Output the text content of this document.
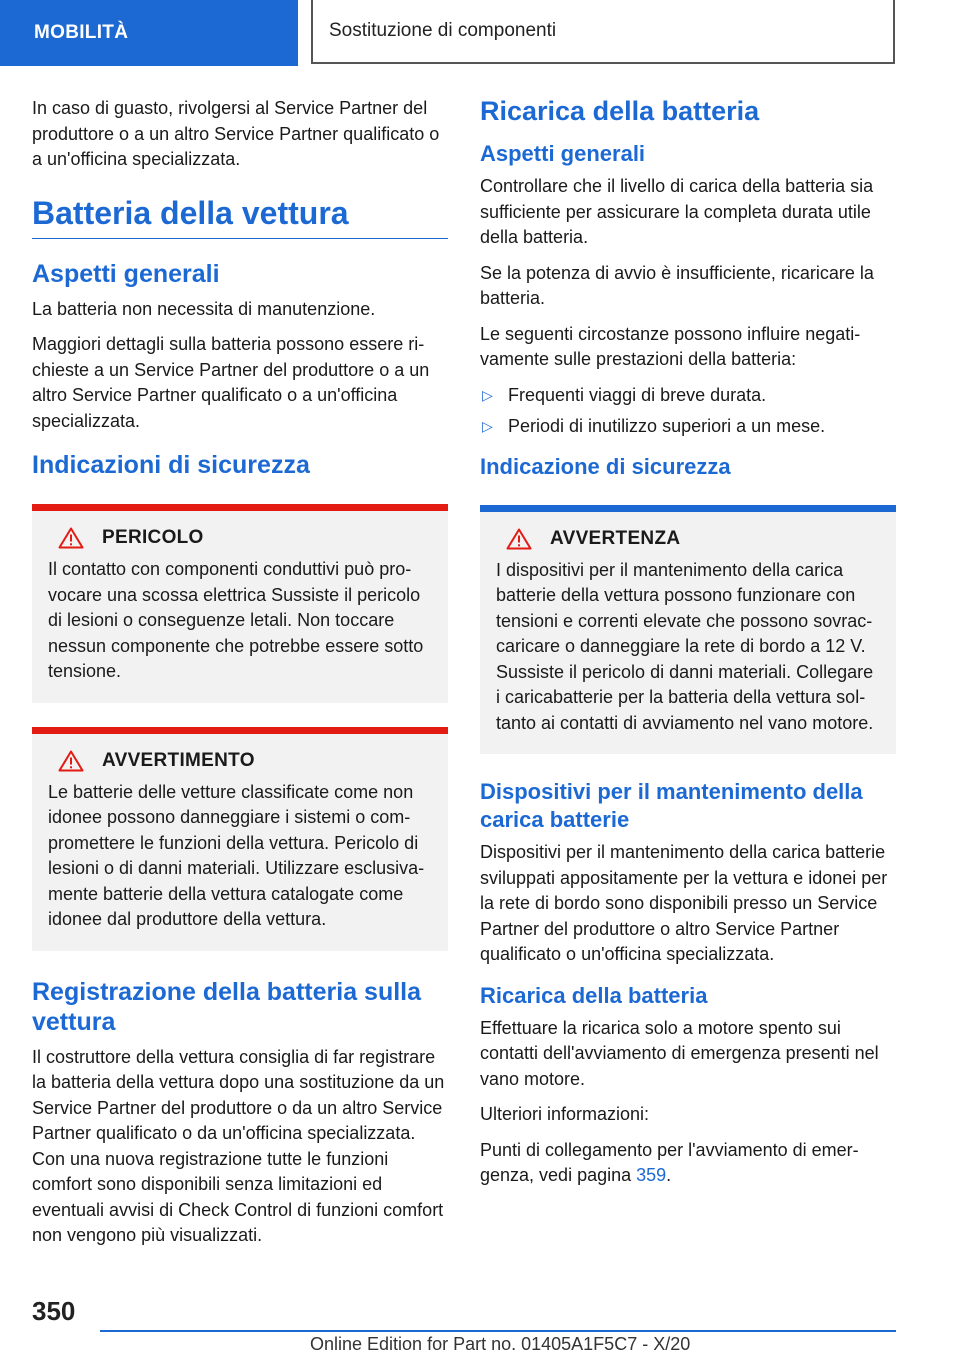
MOBILITÀ	Sostituzione di componenti

In caso di guasto, rivolgersi al Service Partner del produttore o a un altro Service Partner qualificato o a un'officina specializzata.

Batteria della vettura
Aspetti generali

La batteria non necessita di manutenzione.

Maggiori dettagli sulla batteria possono essere richieste a un Service Partner del produttore o a un altro Service Partner qualificato o a un'officina specializzata.

Indicazioni di sicurezza
PERICOLO

Il contatto con componenti conduttivi può provocare una scossa elettrica Sussiste il pericolo di lesioni o conseguenze letali. Non toccare nessun componente che potrebbe essere sotto tensione.

AVVERTIMENTO

Le batterie delle vetture classificate come non idonee possono danneggiare i sistemi o compromettere le funzioni della vettura. Pericolo di lesioni o di danni materiali. Utilizzare esclusivamente batterie della vettura catalogate come idonee dal produttore della vettura.

Registrazione della batteria sulla vettura

Il costruttore della vettura consiglia di far registrare la batteria della vettura dopo una sostituzione da un Service Partner del produttore o da un altro Service Partner qualificato o da un'officina specializzata. Con una nuova registrazione tutte le funzioni comfort sono disponibili senza limitazioni ed eventuali avvisi di Check Control di funzioni comfort non vengono più visualizzati.

Ricarica della batteria
Aspetti generali

Controllare che il livello di carica della batteria sia sufficiente per assicurare la completa durata utile della batteria.

Se la potenza di avvio è insufficiente, ricaricare la batteria.

Le seguenti circostanze possono influire negativamente sulle prestazioni della batteria:

▷ Frequenti viaggi di breve durata.
▷ Periodi di inutilizzo superiori a un mese.
Indicazione di sicurezza
AVVERTENZA

I dispositivi per il mantenimento della carica batterie della vettura possono funzionare con tensioni e correnti elevate che possono sovraccaricare o danneggiare la rete di bordo a 12 V. Sussiste il pericolo di danni materiali. Collegare i caricabatterie per la batteria della vettura soltanto ai contatti di avviamento nel vano motore.

Dispositivi per il mantenimento della carica batterie

Dispositivi per il mantenimento della carica batterie sviluppati appositamente per la vettura e idonei per la rete di bordo sono disponibili presso un Service Partner del produttore o altro Service Partner qualificato o un'officina specializzata.

Ricarica della batteria

Effettuare la ricarica solo a motore spento sui contatti dell'avviamento di emergenza presenti nel vano motore.

Ulteriori informazioni:

Punti di collegamento per l'avviamento di emergenza, vedi pagina 359.

350
Online Edition for Part no. 01405A1F5C7 - X/20
